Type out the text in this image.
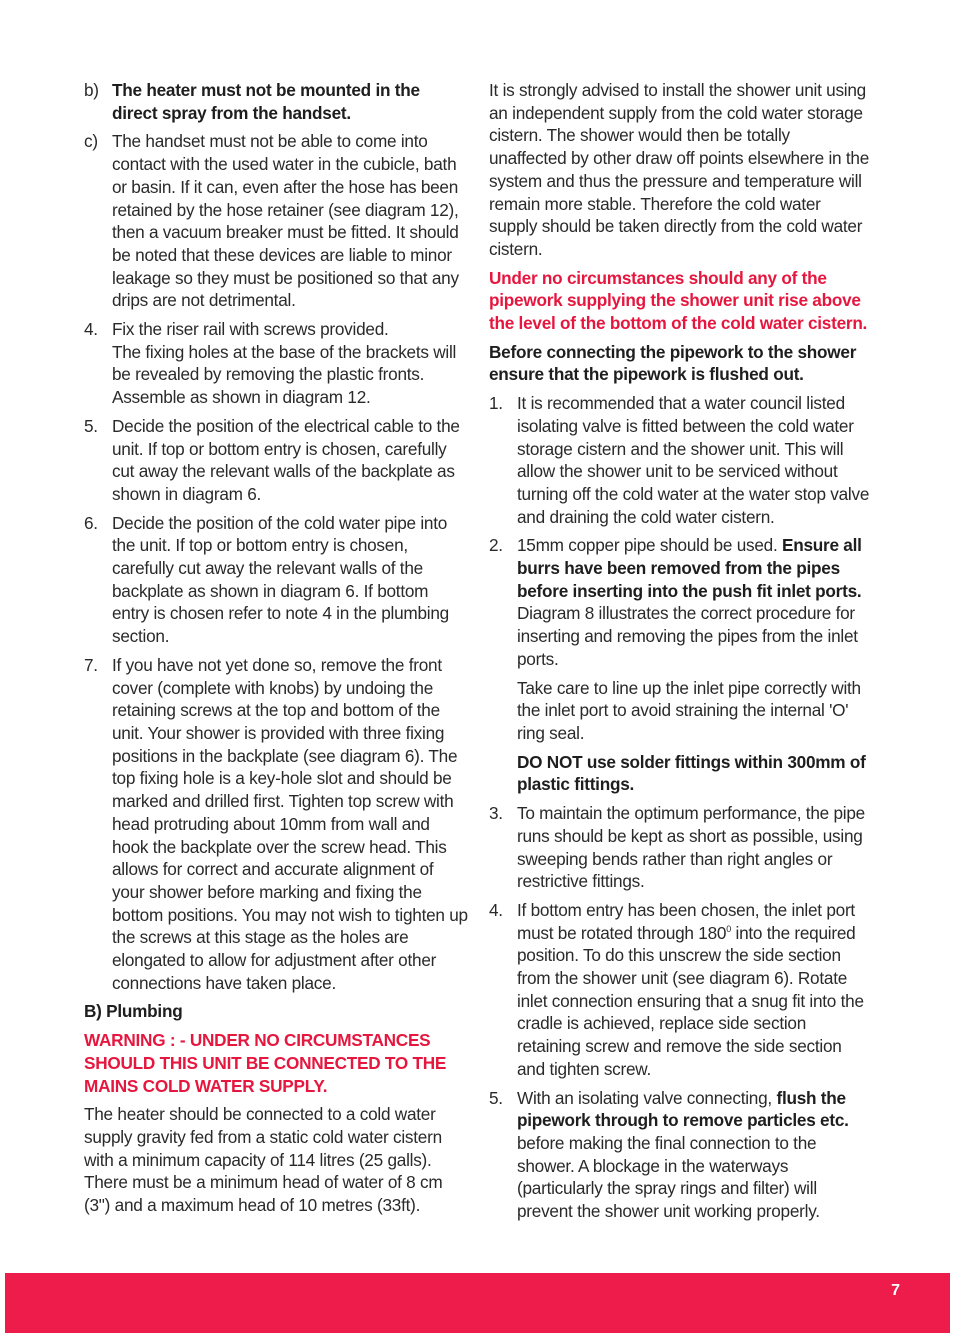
b) The heater must not be mounted in the direct spray from the handset.
c) The handset must not be able to come into contact with the used water in the cubicle, bath or basin. If it can, even after the hose has been retained by the hose retainer (see diagram 12), then a vacuum breaker must be fitted. It should be noted that these devices are liable to minor leakage so they must be positioned so that any drips are not detrimental.
4. Fix the riser rail with screws provided.
The fixing holes at the base of the brackets will be revealed by removing the plastic fronts. Assemble as shown in diagram 12.
5. Decide the position of the electrical cable to the unit. If top or bottom entry is chosen, carefully cut away the relevant walls of the backplate as shown in diagram 6.
6. Decide the position of the cold water pipe into the unit. If top or bottom entry is chosen, carefully cut away the relevant walls of the backplate as shown in diagram 6. If bottom entry is chosen refer to note 4 in the plumbing section.
7. If you have not yet done so, remove the front cover (complete with knobs) by undoing the retaining screws at the top and bottom of the unit. Your shower is provided with three fixing positions in the backplate (see diagram 6). The top fixing hole is a key-hole slot and should be marked and drilled first. Tighten top screw with head protruding about 10mm from wall and hook the backplate over the screw head. This allows for correct and accurate alignment of your shower before marking and fixing the bottom positions. You may not wish to tighten up the screws at this stage as the holes are elongated to allow for adjustment after other connections have taken place.

B) Plumbing

WARNING : - UNDER NO CIRCUMSTANCES SHOULD THIS UNIT BE CONNECTED TO THE MAINS COLD WATER SUPPLY.

The heater should be connected to a cold water supply gravity fed from a static cold water cistern with a minimum capacity of 114 litres (25 galls). There must be a minimum head of water of 8 cm (3") and a maximum head of 10 metres (33ft).

It is strongly advised to install the shower unit using an independent supply from the cold water storage cistern. The shower would then be totally unaffected by other draw off points elsewhere in the system and thus the pressure and temperature will remain more stable. Therefore the cold water supply should be taken directly from the cold water cistern.

Under no circumstances should any of the pipework supplying the shower unit rise above the level of the bottom of the cold water cistern.

Before connecting the pipework to the shower ensure that the pipework is flushed out.

1. It is recommended that a water council listed isolating valve is fitted between the cold water storage cistern and the shower unit. This will allow the shower unit to be serviced without turning off the cold water at the water stop valve and draining the cold water cistern.
2. 15mm copper pipe should be used. Ensure all burrs have been removed from the pipes before inserting into the push fit inlet ports. Diagram 8 illustrates the correct procedure for inserting and removing the pipes from the inlet ports.

Take care to line up the inlet pipe correctly with the inlet port to avoid straining the internal 'O' ring seal.

DO NOT use solder fittings within 300mm of plastic fittings.

3. To maintain the optimum performance, the pipe runs should be kept as short as possible, using sweeping bends rather than right angles or restrictive fittings.
4. If bottom entry has been chosen, the inlet port must be rotated through $180^0$ into the required position. To do this unscrew the side section from the shower unit (see diagram 6). Rotate inlet connection ensuring that a snug fit into the cradle is achieved, replace side section retaining screw and remove the side section and tighten screw.
5. With an isolating valve connecting, flush the pipework through to remove particles etc. before making the final connection to the shower. A blockage in the waterways (particularly the spray rings and filter) will prevent the shower unit working properly.
7
